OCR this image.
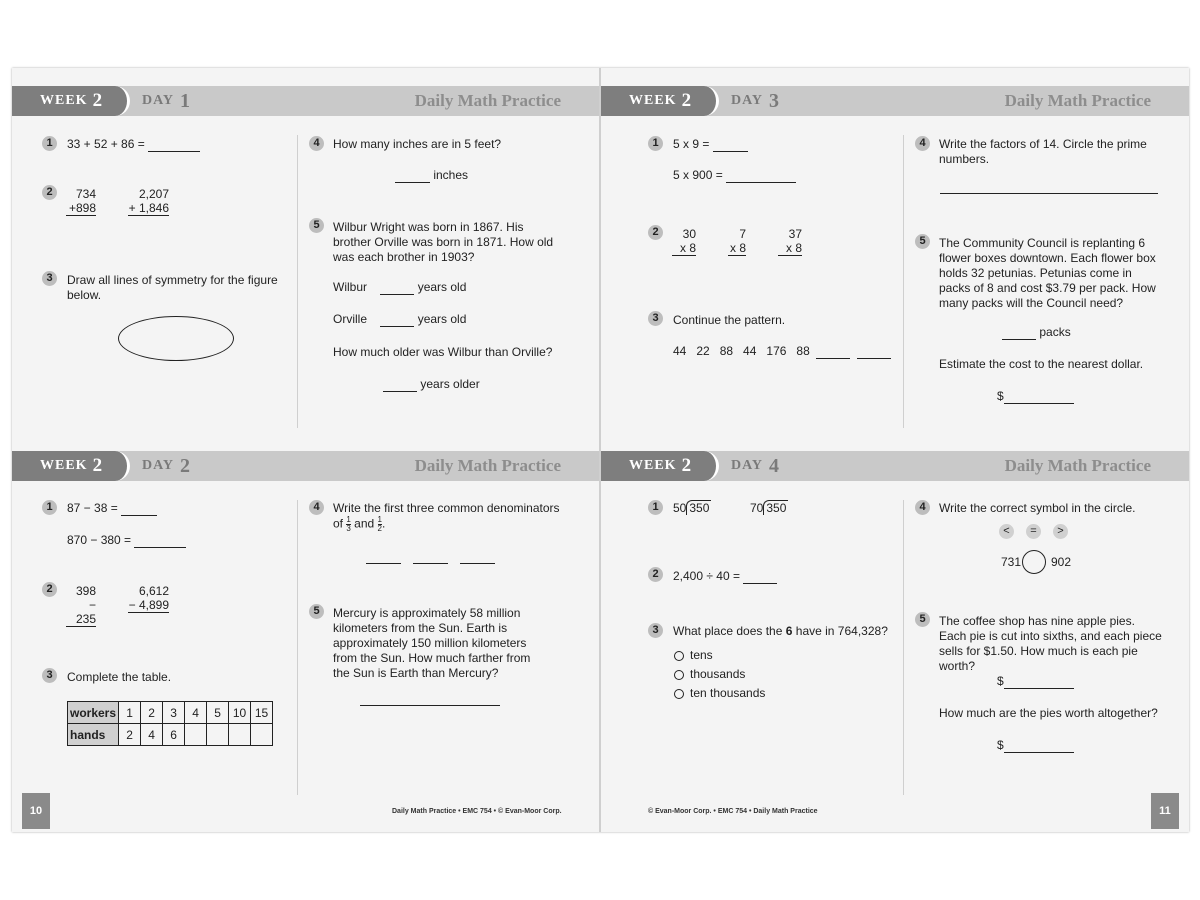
WEEK 2	DAY 1	Daily Math Practice	WEEK 2	DAY 3	Daily Math Practice
WEEK 2	DAY 2	Daily Math Practice	WEEK 2	DAY 4	Daily Math Practice
1	33 + 52 + 86 =
2	734
+898
2,207
+ 1,846
3	Draw all lines of symmetry for the figure below.
4	How many inches are in 5 feet?
inches
5	Wilbur Wright was born in 1867. His brother Orville was born in 1871. How old was each brother in 1903?
Wilbur	years old
Orville	years old
How much older was Wilbur than Orville?
years older
1	5 x 9 =
5 x 900 =
2	30
x 8
7
x 8
37
x 8
3	Continue the pattern.
44   22   88   44   176   88
4	Write the factors of 14. Circle the prime numbers.
5	The Community Council is replanting 6 flower boxes downtown. Each flower box holds 32 petunias. Petunias come in packs of 8 and cost $3.79 per pack. How many packs will the Council need?
packs
Estimate the cost to the nearest dollar.
$
1	87 − 38 =
870 − 380 =
2	398
− 235
6,612
− 4,899
3	Complete the table.
workers	1	2	3	4	5	10	15
hands	2	4	6				
4	Write the first three common denominators
of $\frac{1}{3}$ and $\frac{1}{2}$ .
5	Mercury is approximately 58 million kilometers from the Sun. Earth is approximately 150 million kilometers from the Sun. How much farther from the Sun is Earth than Mercury?
1	50 350	70 350
2	2,400 ÷ 40 =
3	What place does the 6 have in 764,328?
tens
thousands
ten thousands
4	Write the correct symbol in the circle.
<	=	>
731 902
5	The coffee shop has nine apple pies. Each pie is cut into sixths, and each piece sells for $1.50. How much is each pie worth?
$
How much are the pies worth altogether?
$
10	Daily Math Practice • EMC 754 • © Evan-Moor Corp.	© Evan-Moor Corp. • EMC 754 • Daily Math Practice	11
